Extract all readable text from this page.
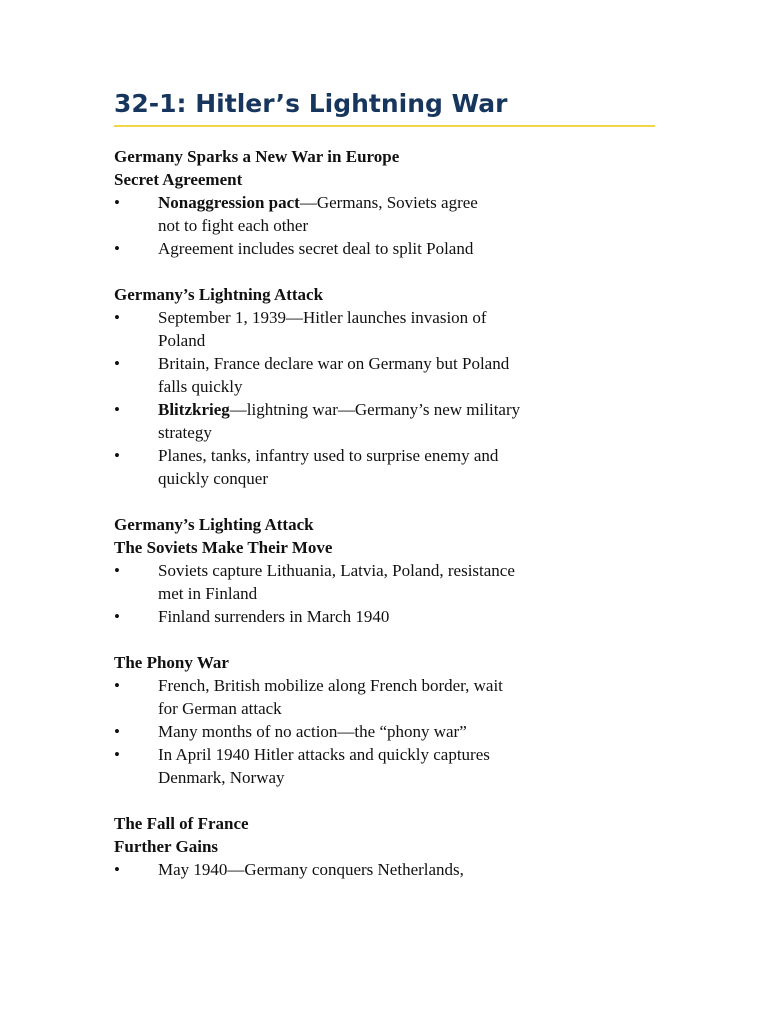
32-1: Hitler’s Lightning War
Germany Sparks a New War in Europe
Secret Agreement
•	Nonaggression pact—Germans, Soviets agree
not to fight each other
•	Agreement includes secret deal to split Poland
Germany’s Lightning Attack
•	September 1, 1939—Hitler launches invasion of
Poland
•	Britain, France declare war on Germany but Poland
falls quickly
•	Blitzkrieg—lightning war—Germany’s new military
strategy
•	Planes, tanks, infantry used to surprise enemy and
quickly conquer
Germany’s Lighting Attack
The Soviets Make Their Move
•	Soviets capture Lithuania, Latvia, Poland, resistance
met in Finland
•	Finland surrenders in March 1940
The Phony War
•	French, British mobilize along French border, wait
for German attack
•	Many months of no action—the “phony war”
•	In April 1940 Hitler attacks and quickly captures
Denmark, Norway
The Fall of France
Further Gains
•	May 1940—Germany conquers Netherlands,
